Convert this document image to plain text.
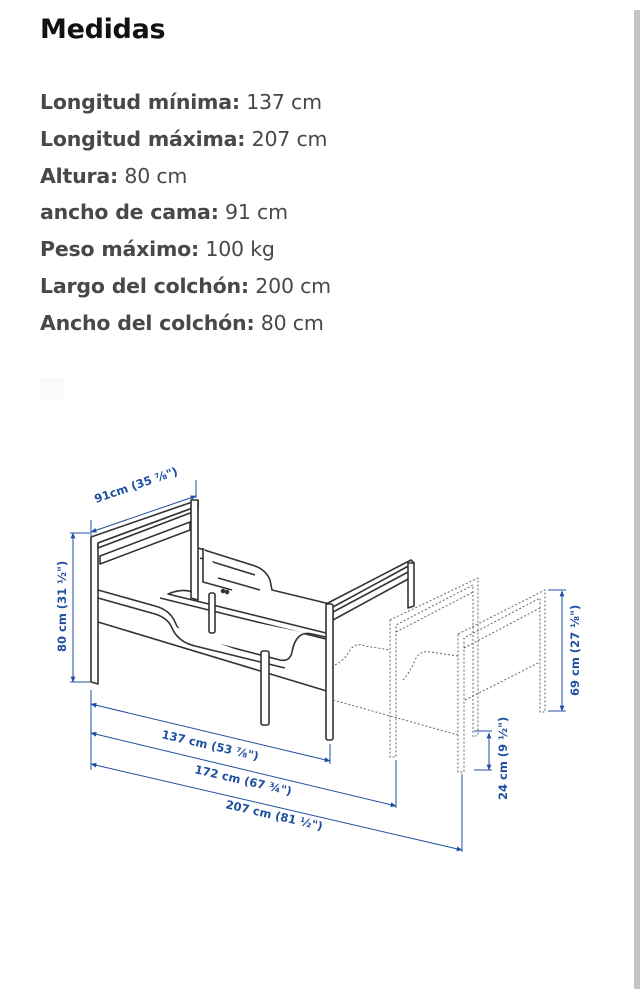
Medidas
Longitud mínima: 137 cm
Longitud máxima: 207 cm
Altura: 80 cm
ancho de cama: 91 cm
Peso máximo: 100 kg
Largo del colchón: 200 cm
Ancho del colchón: 80 cm
91cm (35 ⅞")
80 cm (31 ½")
137 cm (53 ⅞")
172 cm (67 ¾")
207 cm (81 ½")
24 cm (9 ½")
69 cm (27 ⅛")
